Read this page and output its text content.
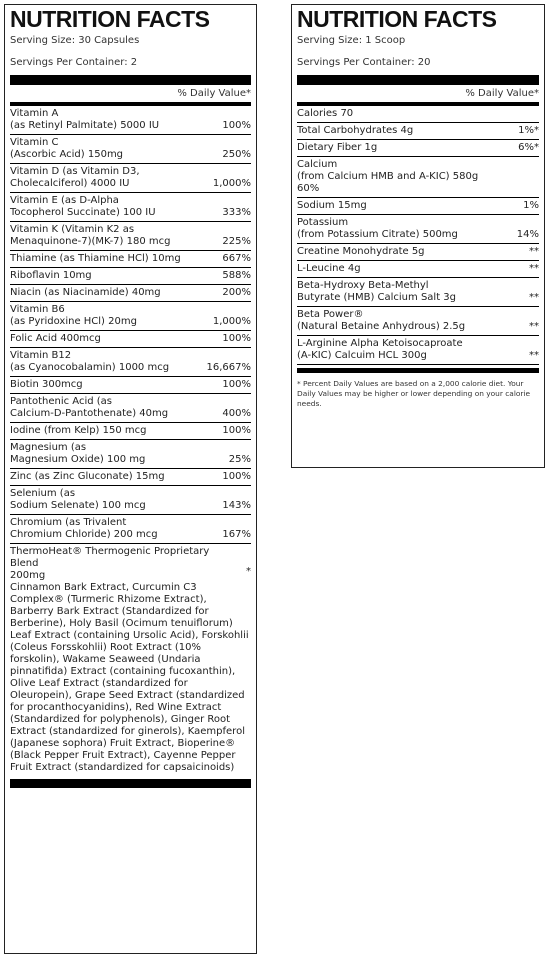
NUTRITION FACTS
Serving Size: 30 Capsules
Servings Per Container: 2
% Daily Value*
Vitamin A
(as Retinyl Palmitate) 5000 IU	100%
Vitamin C
(Ascorbic Acid) 150mg	250%
Vitamin D (as Vitamin D3,
Cholecalciferol) 4000 IU	1,000%
Vitamin E (as D-Alpha
Tocopherol Succinate) 100 IU	333%
Vitamin K (Vitamin K2 as
Menaquinone-7)(MK-7) 180 mcg	225%
Thiamine (as Thiamine HCl) 10mg	667%
Riboflavin 10mg	588%
Niacin (as Niacinamide) 40mg	200%
Vitamin B6
(as Pyridoxine HCl) 20mg	1,000%
Folic Acid 400mcg	100%
Vitamin B12
(as Cyanocobalamin) 1000 mcg	16,667%
Biotin 300mcg	100%
Pantothenic Acid (as
Calcium-D-Pantothenate) 40mg	400%
Iodine (from Kelp) 150 mcg	100%
Magnesium (as
Magnesium Oxide) 100 mg	25%
Zinc (as Zinc Gluconate) 15mg	100%
Selenium (as
Sodium Selenate) 100 mcg	143%
Chromium (as Trivalent
Chromium Chloride) 200 mcg	167%
ThermoHeat® Thermogenic Proprietary Blend
200mg	*
Cinnamon Bark Extract, Curcumin C3 Complex® (Turmeric Rhizome Extract), Barberry Bark Extract (Standardized for Berberine), Holy Basil (Ocimum tenuiflorum) Leaf Extract (containing Ursolic Acid), Forskohlii (Coleus Forsskohlii) Root Extract (10% forskolin), Wakame Seaweed (Undaria pinnatifida) Extract (containing fucoxanthin), Olive Leaf Extract (standardized for Oleuropein), Grape Seed Extract (standardized for procanthocyanidins), Red Wine Extract (Standardized for polyphenols), Ginger Root Extract (standardized for ginerols), Kaempferol (Japanese sophora) Fruit Extract, Bioperine® (Black Pepper Fruit Extract), Cayenne Pepper Fruit Extract (standardized for capsaicinoids)
NUTRITION FACTS
Serving Size: 1 Scoop
Servings Per Container: 20
% Daily Value*
Calories 70
Total Carbohydrates 4g	1%*
Dietary Fiber 1g	6%*
Calcium
(from Calcium HMB and A-KIC) 580g 60%
Sodium 15mg	1%
Potassium
(from Potassium Citrate) 500mg	14%
Creatine Monohydrate 5g	**
L-Leucine 4g	**
Beta-Hydroxy Beta-Methyl
Butyrate (HMB) Calcium Salt 3g	**
Beta Power®
(Natural Betaine Anhydrous) 2.5g	**
L-Arginine Alpha Ketoisocaproate
(A-KIC) Calcuim HCL 300g	**
* Percent Daily Values are based on a 2,000 calorie diet. Your Daily Values may be higher or lower depending on your calorie needs.
